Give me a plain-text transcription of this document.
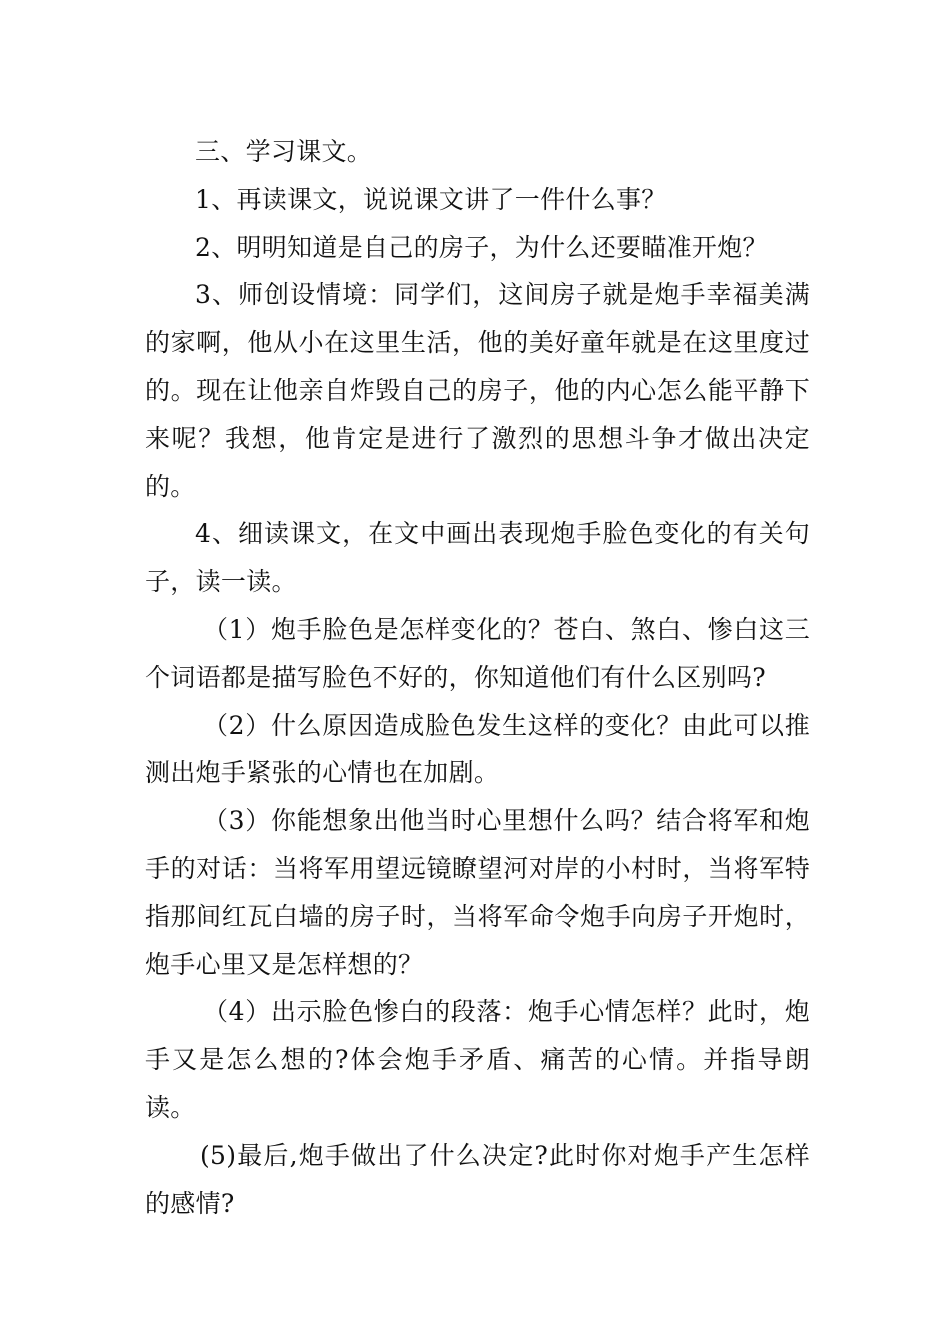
三、学习课文。

1、再读课文，说说课文讲了一件什么事？

2、明明知道是自己的房子，为什么还要瞄准开炮？

3、师创设情境：同学们，这间房子就是炮手幸福美满的家啊，他从小在这里生活，他的美好童年就是在这里度过的。现在让他亲自炸毁自己的房子，他的内心怎么能平静下来呢？我想，他肯定是进行了激烈的思想斗争才做出决定的。

4、细读课文，在文中画出表现炮手脸色变化的有关句子，读一读。

（1）炮手脸色是怎样变化的？苍白、煞白、惨白这三个词语都是描写脸色不好的，你知道他们有什么区别吗?

（2）什么原因造成脸色发生这样的变化？由此可以推测出炮手紧张的心情也在加剧。

（3）你能想象出他当时心里想什么吗？结合将军和炮手的对话：当将军用望远镜瞭望河对岸的小村时，当将军特指那间红瓦白墙的房子时，当将军命令炮手向房子开炮时，炮手心里又是怎样想的？

（4）出示脸色惨白的段落：炮手心情怎样？此时，炮手又是怎么想的?体会炮手矛盾、痛苦的心情。并指导朗读。

(5)最后,炮手做出了什么决定?此时你对炮手产生怎样的感情?
